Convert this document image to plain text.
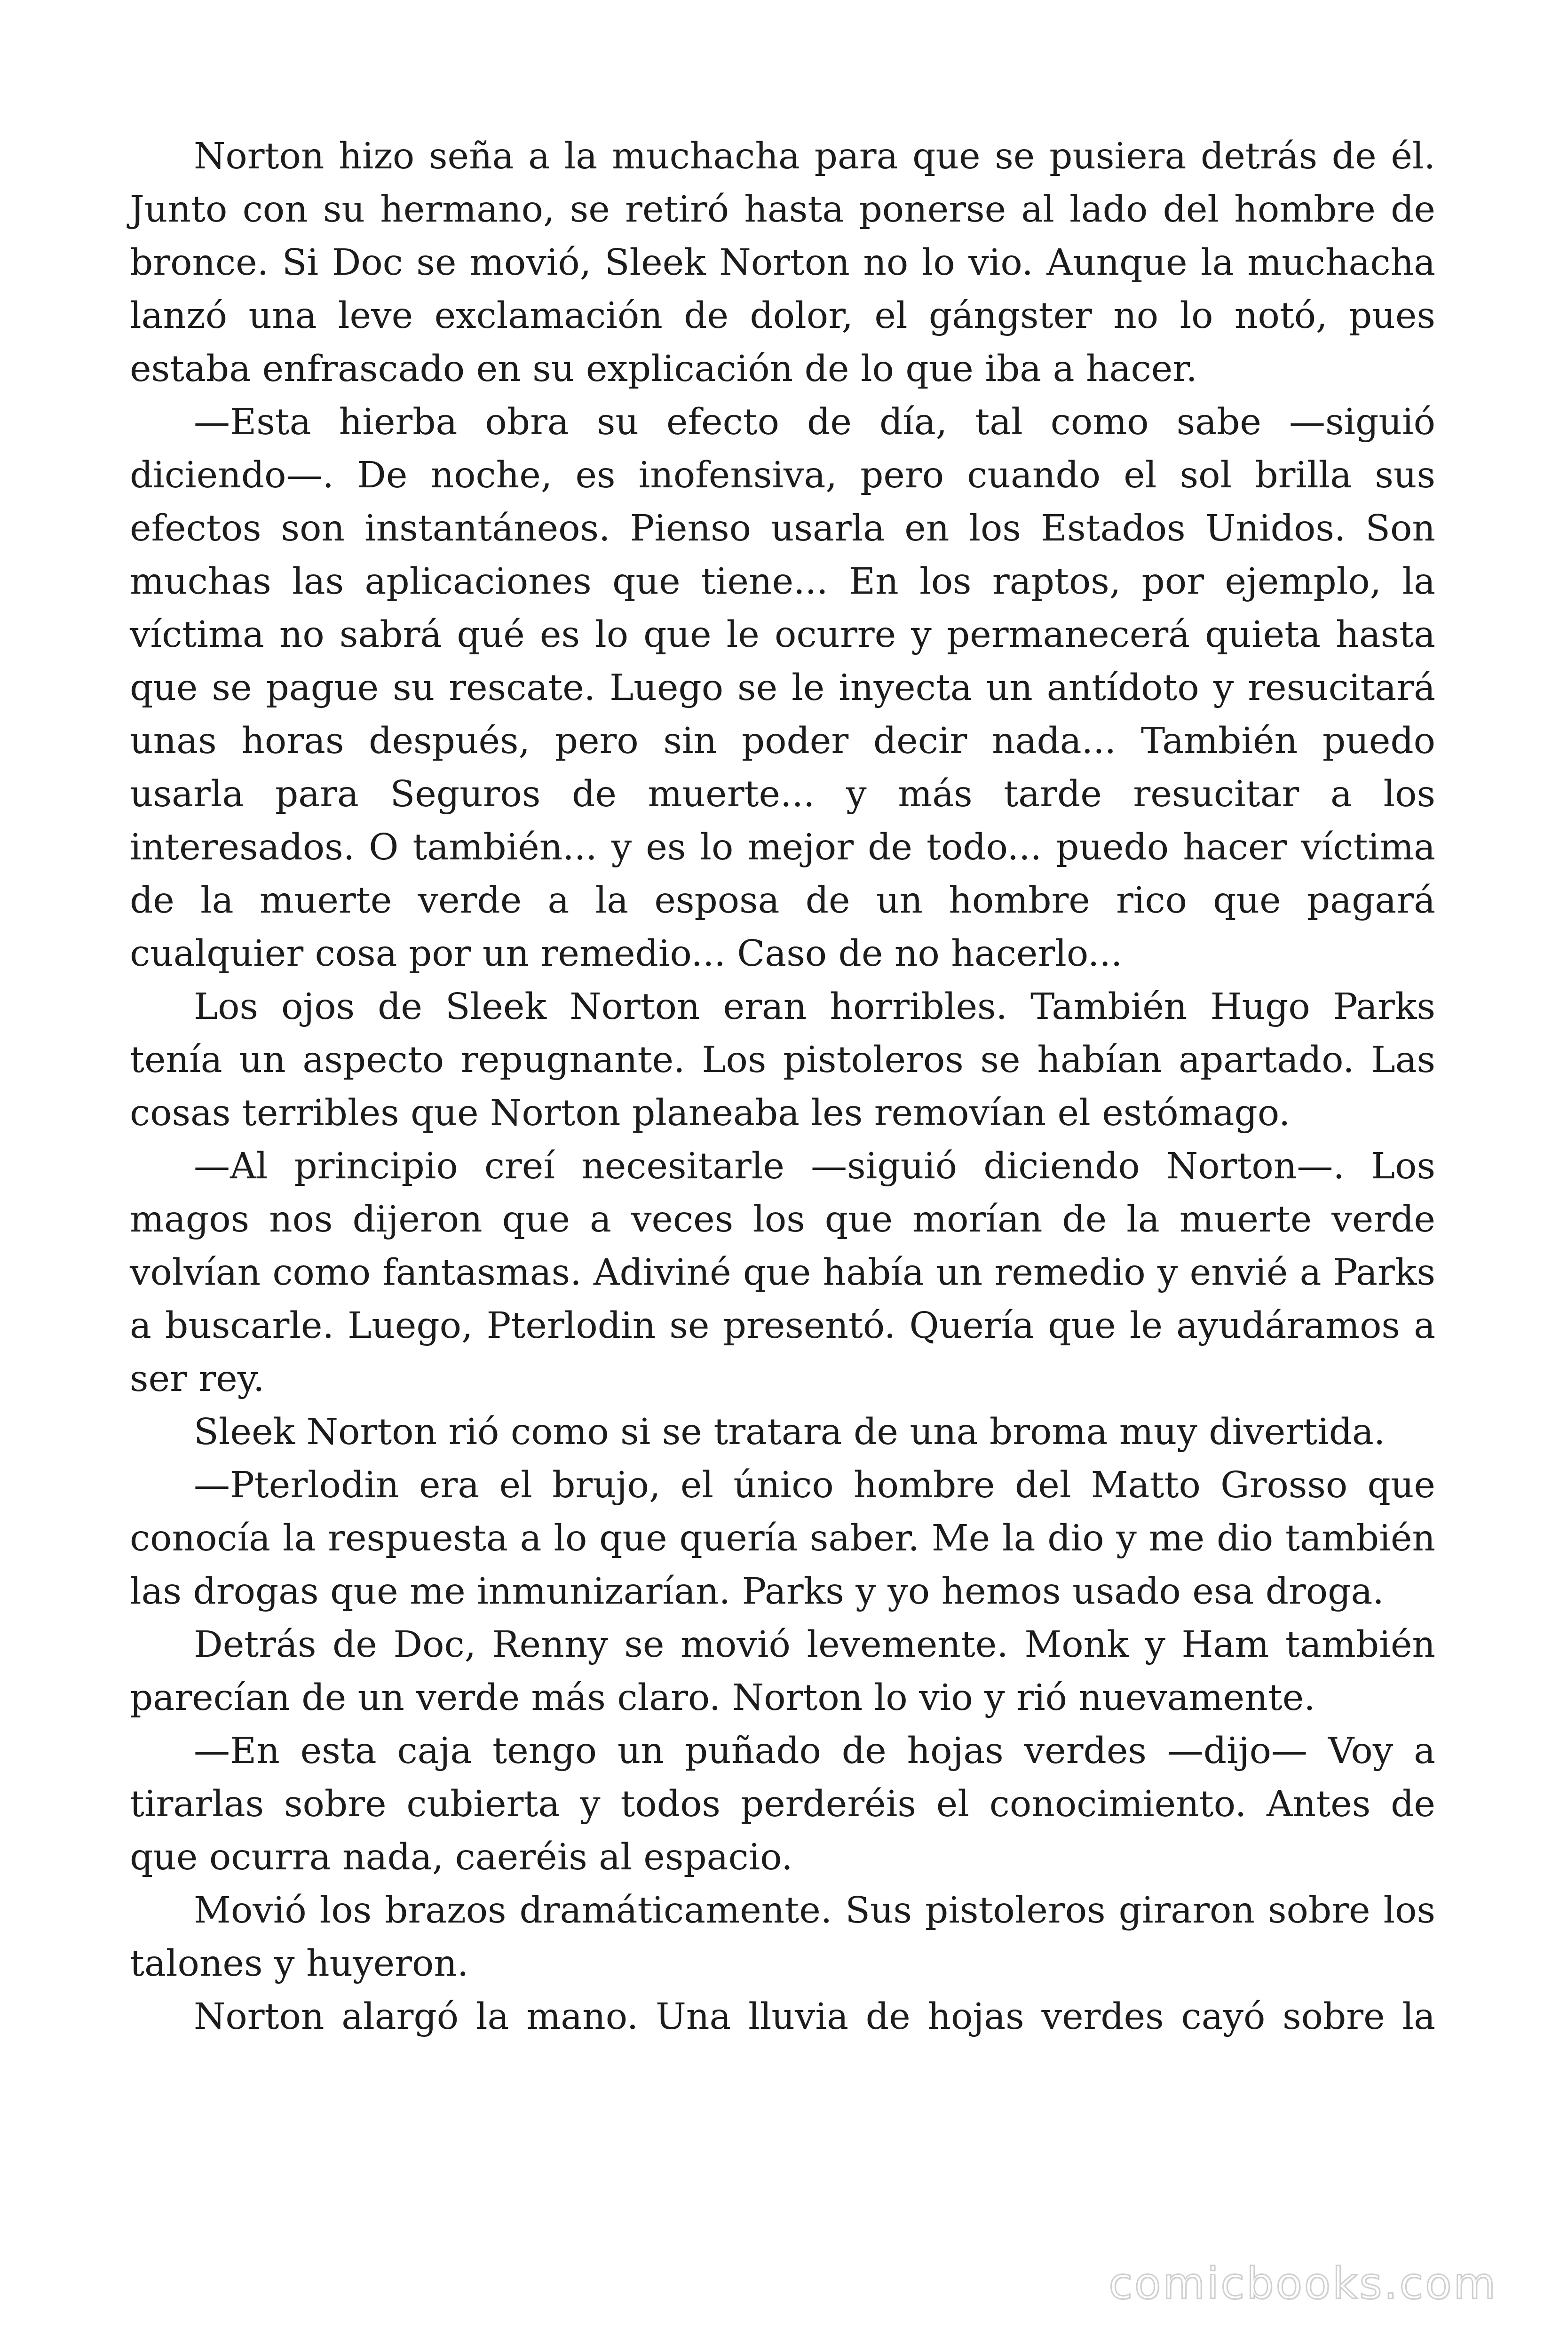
Norton hizo seña a la muchacha para que se pusiera detrás de él. Junto con su hermano, se retiró hasta ponerse al lado del hombre de bronce. Si Doc se movió, Sleek Norton no lo vio. Aunque la muchacha lanzó una leve exclamación de dolor, el gángster no lo notó, pues estaba enfrascado en su explicación de lo que iba a hacer.

—Esta hierba obra su efecto de día, tal como sabe —siguió diciendo—. De noche, es inofensiva, pero cuando el sol brilla sus efectos son instantáneos. Pienso usarla en los Estados Unidos. Son muchas las aplicaciones que tiene... En los raptos, por ejemplo, la víctima no sabrá qué es lo que le ocurre y permanecerá quieta hasta que se pague su rescate. Luego se le inyecta un antídoto y resucitará unas horas después, pero sin poder decir nada... También puedo usarla para Seguros de muerte... y más tarde resucitar a los interesados. O también... y es lo mejor de todo... puedo hacer víctima de la muerte verde a la esposa de un hombre rico que pagará cualquier cosa por un remedio... Caso de no hacerlo...

Los ojos de Sleek Norton eran horribles. También Hugo Parks tenía un aspecto repugnante. Los pistoleros se habían apartado. Las cosas terribles que Norton planeaba les removían el estómago.

—Al principio creí necesitarle —siguió diciendo Norton—. Los magos nos dijeron que a veces los que morían de la muerte verde volvían como fantasmas. Adiviné que había un remedio y envié a Parks a buscarle. Luego, Pterlodin se presentó. Quería que le ayudáramos a ser rey.

Sleek Norton rió como si se tratara de una broma muy divertida.

—Pterlodin era el brujo, el único hombre del Matto Grosso que conocía la respuesta a lo que quería saber. Me la dio y me dio también las drogas que me inmunizarían. Parks y yo hemos usado esa droga.

Detrás de Doc, Renny se movió levemente. Monk y Ham también parecían de un verde más claro. Norton lo vio y rió nuevamente.

—En esta caja tengo un puñado de hojas verdes —dijo— Voy a tirarlas sobre cubierta y todos perderéis el conocimiento. Antes de que ocurra nada, caeréis al espacio.

Movió los brazos dramáticamente. Sus pistoleros giraron sobre los talones y huyeron.

Norton alargó la mano. Una lluvia de hojas verdes cayó sobre la

comicbooks.com
